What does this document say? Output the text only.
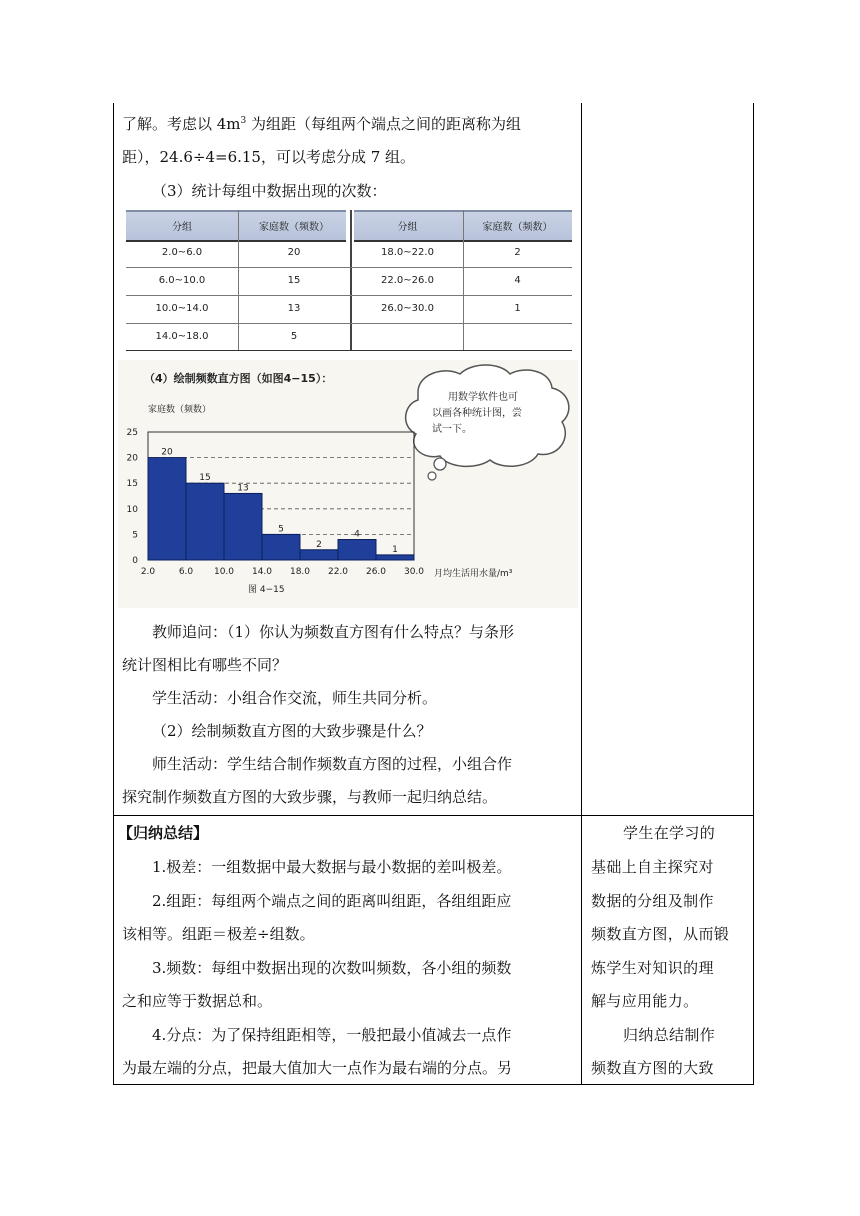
了解。考虑以 $4m^3$ 为组距（每组两个端点之间的距离称为组
距），24.6÷4=6.15，可以考虑分成 7 组。
（3）统计每组中数据出现的次数：
分组	家庭数（频数）	分组	家庭数（频数）
2.0~6.0	20	18.0~22.0	2
6.0~10.0	15	22.0~26.0	4
10.0~14.0	13	26.0~30.0	1
14.0~18.0	5
（4）绘制频数直方图（如图4−15）：
用数学软件也可
以画各种统计图，尝
试一下。
家庭数（频数）
月均生活用水量/m³
图 4−15
0
5
10
15
20
25
20
15
13
5
2
4
1
2.0	6.0 10.0 14.0 18.0 22.0 26.0 30.0
教师追问：（1）你认为频数直方图有什么特点？与条形
统计图相比有哪些不同？
学生活动：小组合作交流，师生共同分析。
（2）绘制频数直方图的大致步骤是什么？
师生活动：学生结合制作频数直方图的过程，小组合作
探究制作频数直方图的大致步骤，与教师一起归纳总结。
【归纳总结】
1.极差：一组数据中最大数据与最小数据的差叫极差。
2.组距：每组两个端点之间的距离叫组距，各组组距应
该相等。组距＝极差÷组数。
3.频数：每组中数据出现的次数叫频数，各小组的频数
之和应等于数据总和。
4.分点：为了保持组距相等，一般把最小值减去一点作
为最左端的分点，把最大值加大一点作为最右端的分点。另
学生在学习的
基础上自主探究对
数据的分组及制作
频数直方图，从而锻
炼学生对知识的理
解与应用能力。
归纳总结制作
频数直方图的大致
